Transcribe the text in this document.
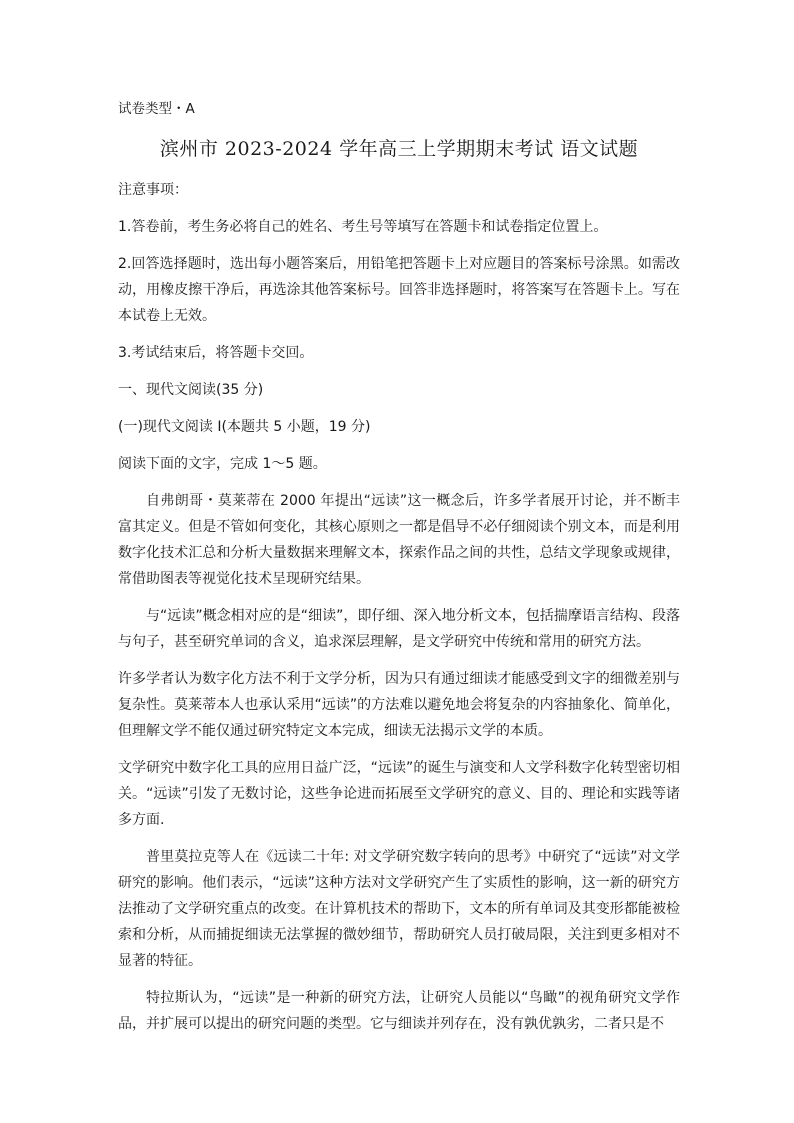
试卷类型・A
滨州市 2023-2024 学年高三上学期期末考试 语文试题

注意事项：

1.答卷前，考生务必将自己的姓名、考生号等填写在答题卡和试卷指定位置上。

2.回答选择题时，选出每小题答案后，用铅笔把答题卡上对应题目的答案标号涂黑。如需改动，用橡皮擦干净后，再选涂其他答案标号。回答非选择题时，将答案写在答题卡上。写在本试卷上无效。

3.考试结束后，将答题卡交回。

一、现代文阅读(35 分)

(一)现代文阅读 I(本题共 5 小题，19 分)

阅读下面的文字，完成 1～5 题。

自弗朗哥・莫莱蒂在 2000 年提出“远读”这一概念后，许多学者展开讨论，并不断丰富其定义。但是不管如何变化，其核心原则之一都是倡导不必仔细阅读个别文本，而是利用数字化技术汇总和分析大量数据来理解文本，探索作品之间的共性，总结文学现象或规律，常借助图表等视觉化技术呈现研究结果。

与“远读”概念相对应的是“细读”，即仔细、深入地分析文本，包括揣摩语言结构、段落与句子，甚至研究单词的含义，追求深层理解，是文学研究中传统和常用的研究方法。

许多学者认为数字化方法不利于文学分析，因为只有通过细读才能感受到文字的细微差别与复杂性。莫莱蒂本人也承认采用“远读”的方法难以避免地会将复杂的内容抽象化、简单化，但理解文学不能仅通过研究特定文本完成，细读无法揭示文学的本质。

文学研究中数字化工具的应用日益广泛，“远读”的诞生与演变和人文学科数字化转型密切相关。“远读”引发了无数讨论，这些争论进而拓展至文学研究的意义、目的、理论和实践等诸多方面.

普里莫拉克等人在《远读二十年: 对文学研究数字转向的思考》中研究了“远读”对文学研究的影响。他们表示，“远读”这种方法对文学研究产生了实质性的影响，这一新的研究方法推动了文学研究重点的改变。在计算机技术的帮助下，文本的所有单词及其变形都能被检索和分析，从而捕捉细读无法掌握的微妙细节，帮助研究人员打破局限，关注到更多相对不显著的特征。

特拉斯认为，“远读”是一种新的研究方法，让研究人员能以“鸟瞰”的视角研究文学作品，并扩展可以提出的研究问题的类型。它与细读并列存在，没有孰优孰劣，二者只是不
